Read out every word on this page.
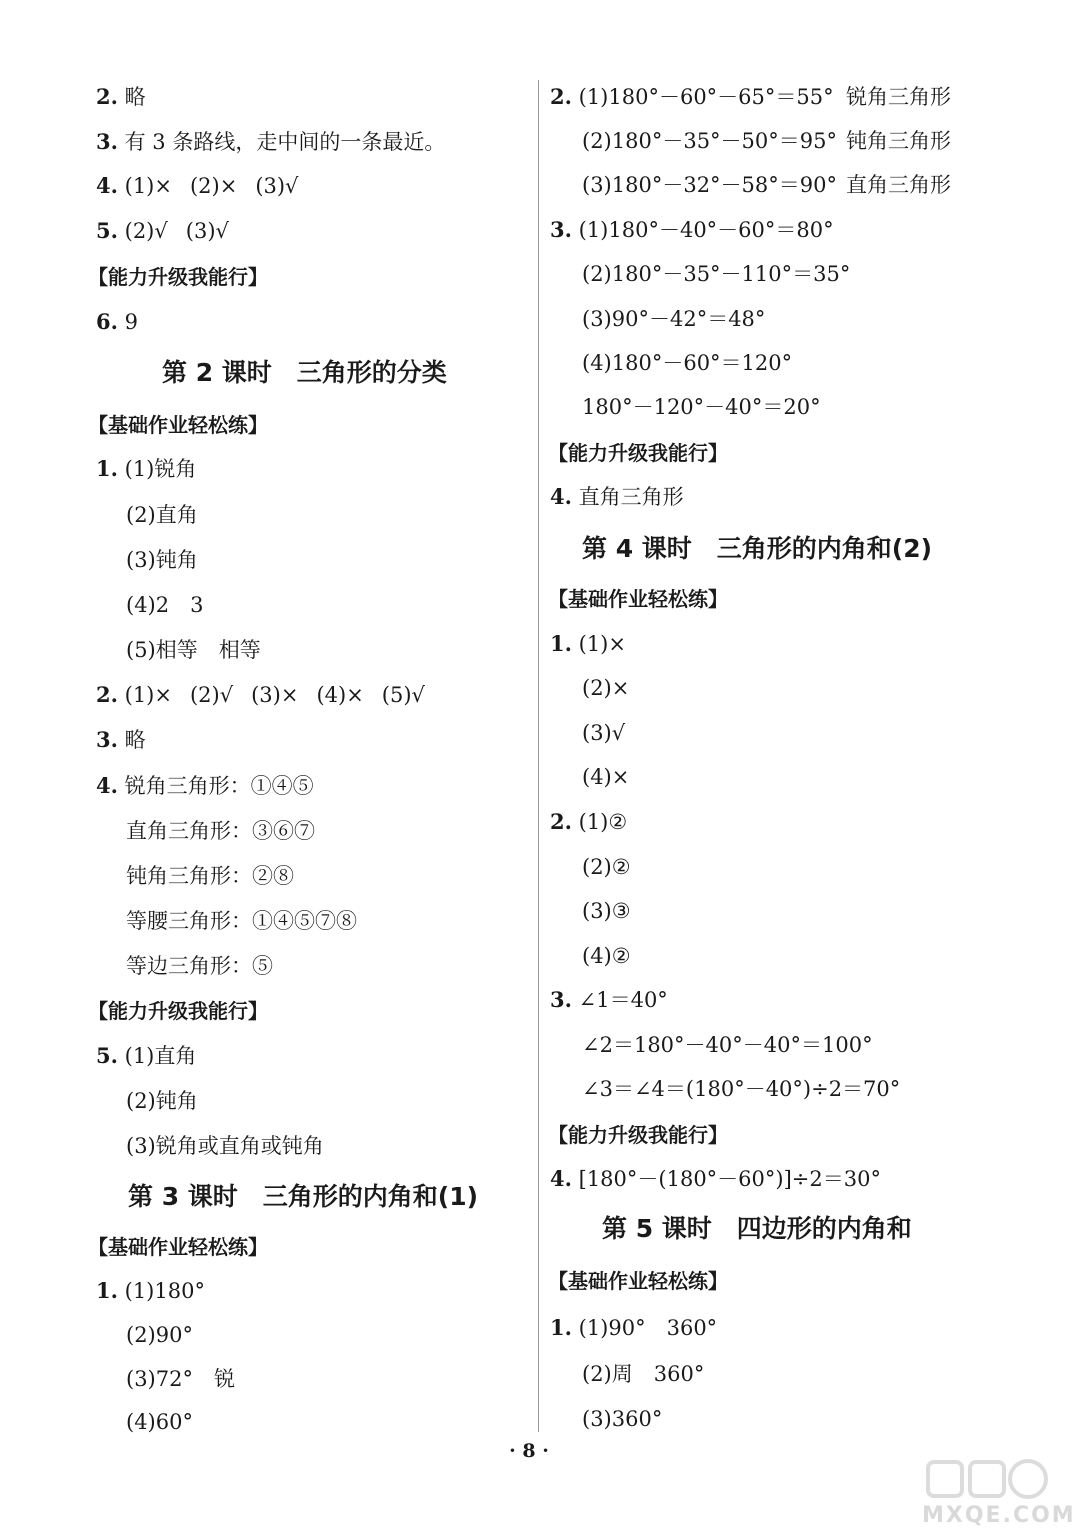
2. 略
3. 有 3 条路线，走中间的一条最近。
4. (1)× (2)× (3)√
5. (2)√ (3)√
【能力升级我能行】
6. 9
第 2 课时　三角形的分类
【基础作业轻松练】
1. (1)锐角
(2)直角
(3)钝角
(4)2　3
(5)相等　相等
2. (1)× (2)√ (3)× (4)× (5)√
3. 略
4. 锐角三角形：①④⑤
直角三角形：③⑥⑦
钝角三角形：②⑧
等腰三角形：①④⑤⑦⑧
等边三角形：⑤
【能力升级我能行】
5. (1)直角
(2)钝角
(3)锐角或直角或钝角
第 3 课时　三角形的内角和(1)
【基础作业轻松练】
1. (1)180°
(2)90°
(3)72°　锐
(4)60°
2. (1)180°－60°－65°＝55° 锐角三角形
(2)180°－35°－50°＝95° 钝角三角形
(3)180°－32°－58°＝90° 直角三角形
3. (1)180°－40°－60°＝80°
(2)180°－35°－110°＝35°
(3)90°－42°＝48°
(4)180°－60°＝120°
180°－120°－40°＝20°
【能力升级我能行】
4. 直角三角形
第 4 课时　三角形的内角和(2)
【基础作业轻松练】
1. (1)×
(2)×
(3)√
(4)×
2. (1)②
(2)②
(3)③
(4)②
3. ∠1＝40°
∠2＝180°－40°－40°＝100°
∠3＝∠4＝(180°－40°)÷2＝70°
【能力升级我能行】
4. [180°－(180°－60°)]÷2＝30°
第 5 课时　四边形的内角和
【基础作业轻松练】
1. (1)90°　360°
(2)周　360°
(3)360°
· 8 ·
MXQE.COM
